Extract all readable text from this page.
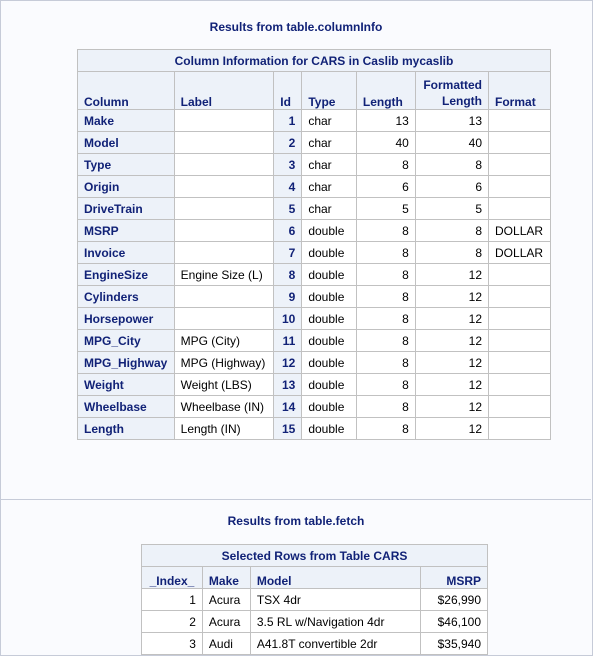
Results from table.columnInfo
Column Information for CARS in Caslib mycaslib						
Column	Label	Id	Type	Length	Formatted Length	Format
Make		1	char	13	13	
Model		2	char	40	40	
Type		3	char	8	8	
Origin		4	char	6	6	
DriveTrain		5	char	5	5	
MSRP		6	double	8	8	DOLLAR
Invoice		7	double	8	8	DOLLAR
EngineSize	Engine Size (L)	8	double	8	12	
Cylinders		9	double	8	12	
Horsepower		10	double	8	12	
MPG_City	MPG (City)	11	double	8	12	
MPG_Highway	MPG (Highway)	12	double	8	12	
Weight	Weight (LBS)	13	double	8	12	
Wheelbase	Wheelbase (IN)	14	double	8	12	
Length	Length (IN)	15	double	8	12	
Results from table.fetch
Selected Rows from Table CARS			
_Index_	Make	Model	MSRP
1	Acura	TSX 4dr	$26,990
2	Acura	3.5 RL w/Navigation 4dr	$46,100
3	Audi	A41.8T convertible 2dr	$35,940
